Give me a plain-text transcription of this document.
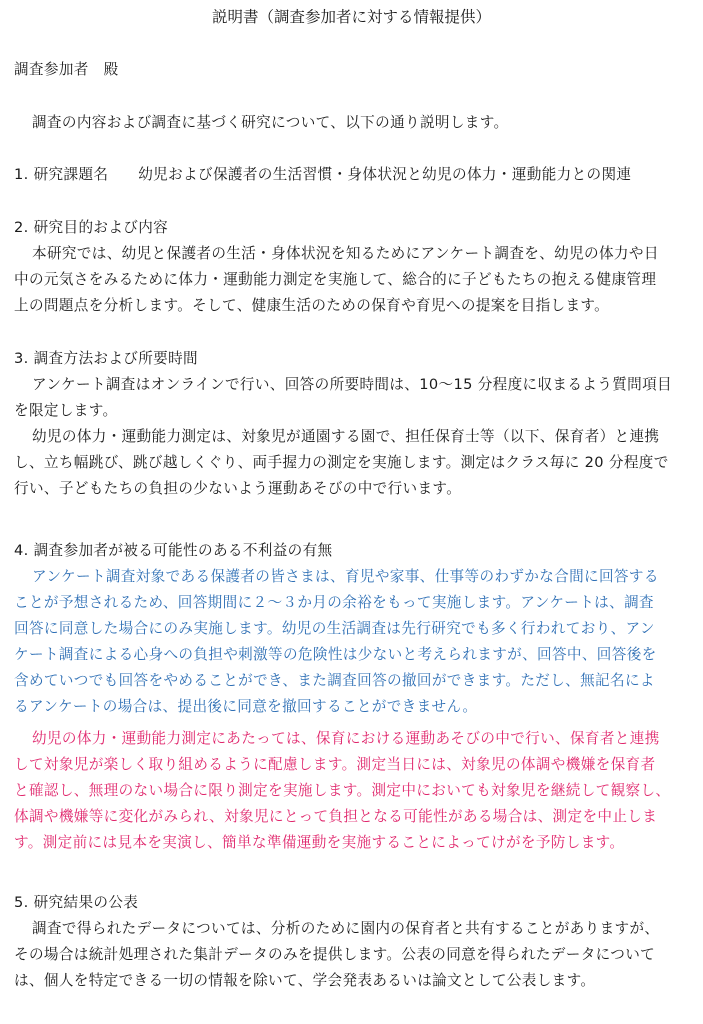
説明書（調査参加者に対する情報提供）
調査参加者　殿
調査の内容および調査に基づく研究について、以下の通り説明します。
1. 研究課題名　　幼児および保護者の生活習慣・身体状況と幼児の体力・運動能力との関連
2. 研究目的および内容
本研究では、幼児と保護者の生活・身体状況を知るためにアンケート調査を、幼児の体力や日
中の元気さをみるために体力・運動能力測定を実施して、総合的に子どもたちの抱える健康管理
上の問題点を分析します。そして、健康生活のための保育や育児への提案を目指します。
3. 調査方法および所要時間
アンケート調査はオンラインで行い、回答の所要時間は、10～15 分程度に収まるよう質問項目
を限定します。
幼児の体力・運動能力測定は、対象児が通園する園で、担任保育士等（以下、保育者）と連携
し、立ち幅跳び、跳び越しくぐり、両手握力の測定を実施します。測定はクラス毎に 20 分程度で
行い、子どもたちの負担の少ないよう運動あそびの中で行います。
4. 調査参加者が被る可能性のある不利益の有無
アンケート調査対象である保護者の皆さまは、育児や家事、仕事等のわずかな合間に回答する
ことが予想されるため、回答期間に２～３か月の余裕をもって実施します。アンケートは、調査
回答に同意した場合にのみ実施します。幼児の生活調査は先行研究でも多く行われており、アン
ケート調査による心身への負担や刺激等の危険性は少ないと考えられますが、回答中、回答後を
含めていつでも回答をやめることができ、また調査回答の撤回ができます。ただし、無記名によ
るアンケートの場合は、提出後に同意を撤回することができません。
幼児の体力・運動能力測定にあたっては、保育における運動あそびの中で行い、保育者と連携
して対象児が楽しく取り組めるように配慮します。測定当日には、対象児の体調や機嫌を保育者
と確認し、無理のない場合に限り測定を実施します。測定中においても対象児を継続して観察し、
体調や機嫌等に変化がみられ、対象児にとって負担となる可能性がある場合は、測定を中止しま
す。測定前には見本を実演し、簡単な準備運動を実施することによってけがを予防します。
5. 研究結果の公表
調査で得られたデータについては、分析のために園内の保育者と共有することがありますが、
その場合は統計処理された集計データのみを提供します。公表の同意を得られたデータについて
は、個人を特定できる一切の情報を除いて、学会発表あるいは論文として公表します。
